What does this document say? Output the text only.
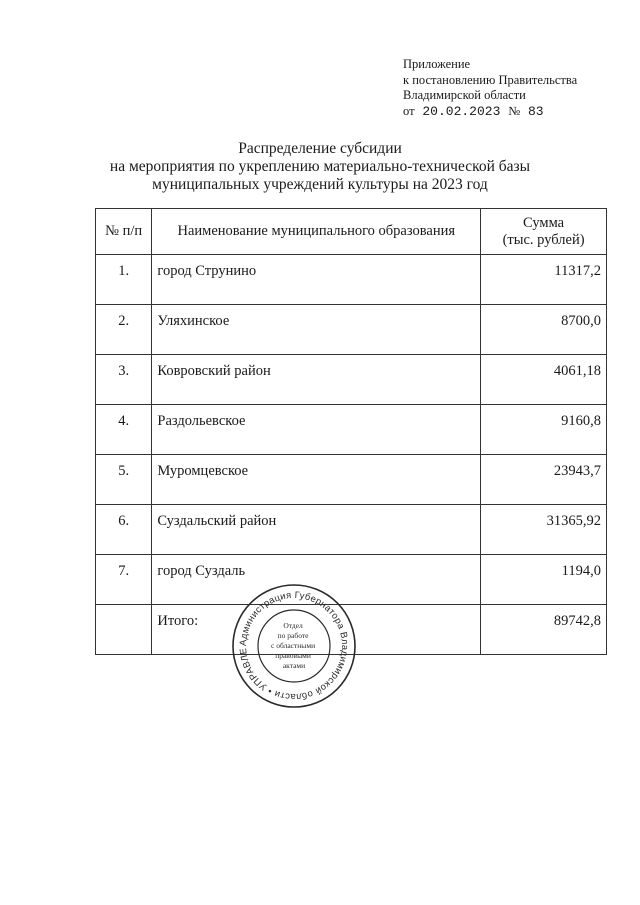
Приложение
к постановлению Правительства
Владимирской области
от 20.02.2023 № 83
Распределение субсидии
на мероприятия по укреплению материально-технической базы
муниципальных учреждений культуры на 2023 год
№ п/п	Наименование муниципального образования	Сумма
(тыс. рублей)

1.	город Струнино	11317,2
2.	Уляхинское	8700,0
3.	Ковровский район	4061,18
4.	Раздольевское	9160,8
5.	Муромцевское	23943,7
6.	Суздальский район	31365,92
7.	город Суздаль	1194,0
	Итого:	89742,8
Администрация Губернатора Владимирской области • УПРАВЛЕ
Отдел по работе с областными правовыми актами
